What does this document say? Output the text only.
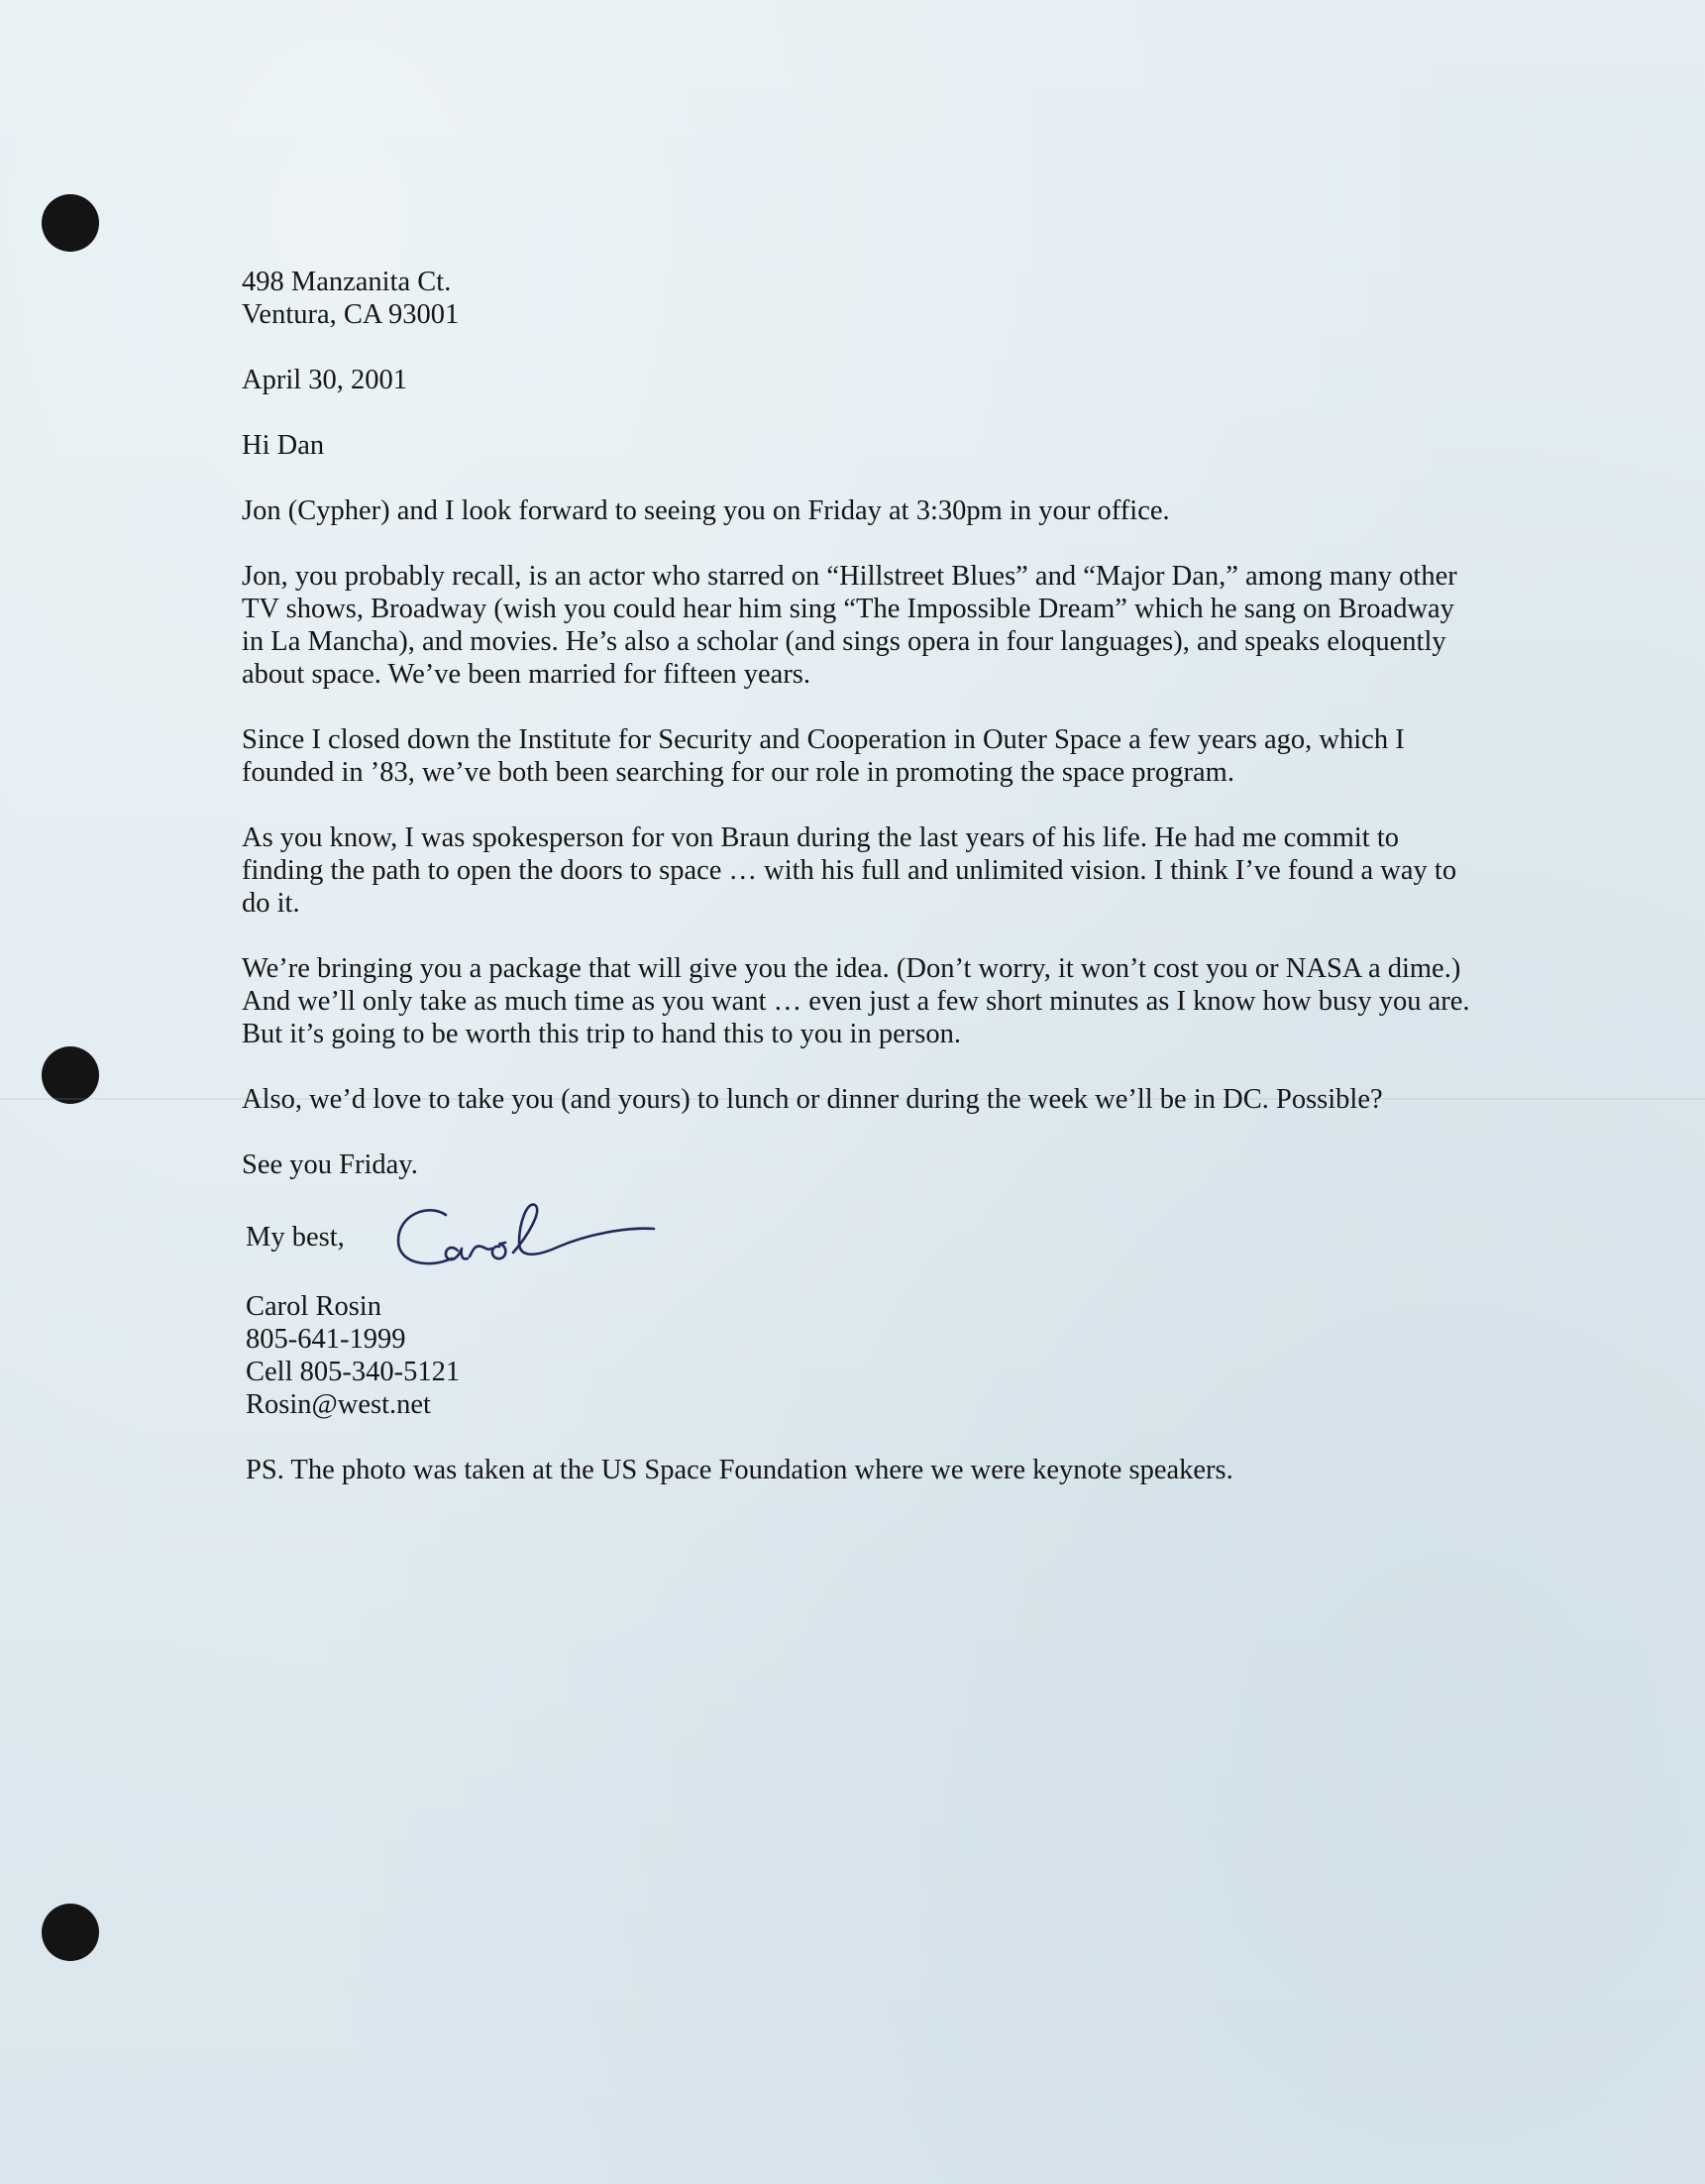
498 Manzanita Ct.

Ventura, CA 93001

April 30, 2001

Hi Dan

Jon (Cypher) and I look forward to seeing you on Friday at 3:30pm in your office.

Jon, you probably recall, is an actor who starred on “Hillstreet Blues” and “Major Dan,” among many other TV shows, Broadway (wish you could hear him sing “The Impossible Dream” which he sang on Broadway in La Mancha), and movies. He’s also a scholar (and sings opera in four languages), and speaks eloquently about space. We’ve been married for fifteen years.

Since I closed down the Institute for Security and Cooperation in Outer Space a few years ago, which I founded in ’83, we’ve both been searching for our role in promoting the space program.

As you know, I was spokesperson for von Braun during the last years of his life. He had me commit to finding the path to open the doors to space … with his full and unlimited vision. I think I’ve found a way to do it.

We’re bringing you a package that will give you the idea. (Don’t worry, it won’t cost you or NASA a dime.) And we’ll only take as much time as you want … even just a few short minutes as I know how busy you are. But it’s going to be worth this trip to hand this to you in person.

Also, we’d love to take you (and yours) to lunch or dinner during the week we’ll be in DC. Possible?

See you Friday.

My best,

Carol Rosin

805-641-1999

Cell 805-340-5121

Rosin@west.net

PS. The photo was taken at the US Space Foundation where we were keynote speakers.
